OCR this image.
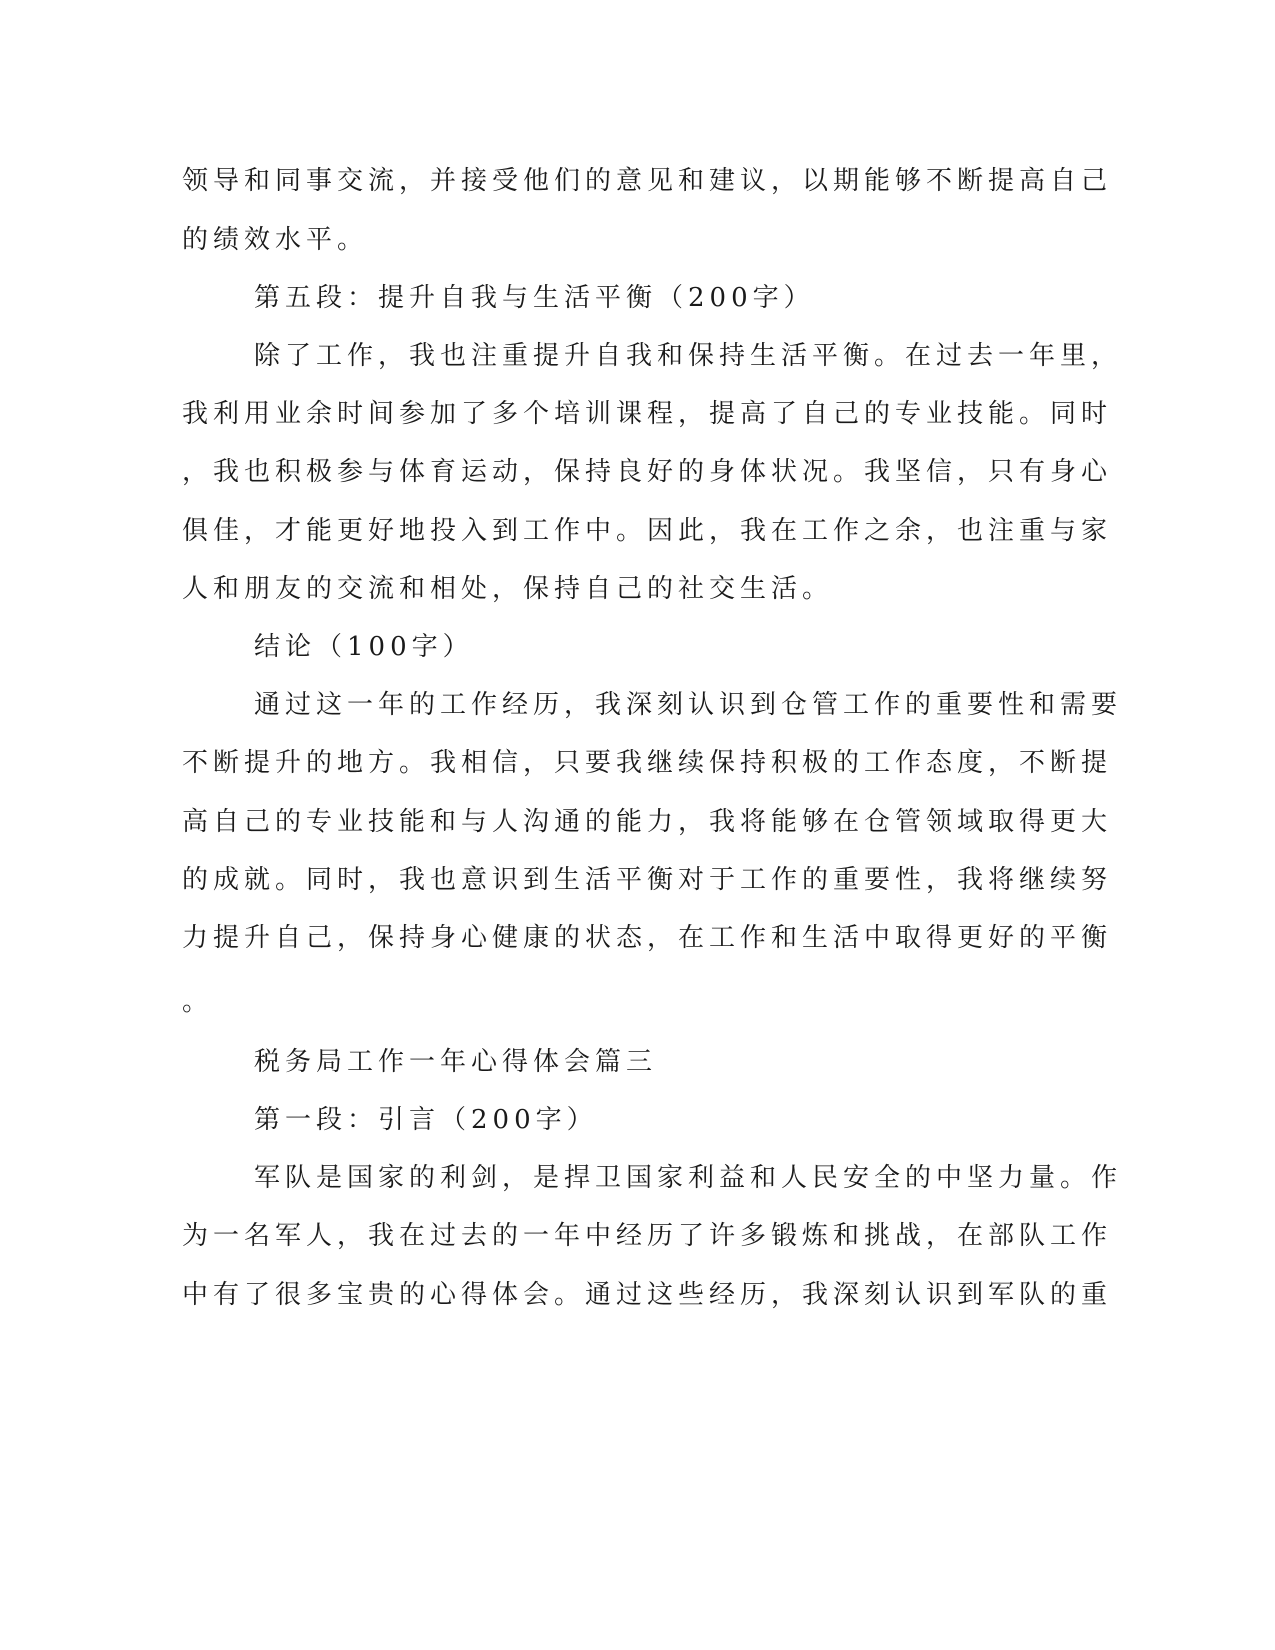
领导和同事交流，并接受他们的意见和建议，以期能够不断提高自己
的绩效水平。
第五段：提升自我与生活平衡（200字）
除了工作，我也注重提升自我和保持生活平衡。在过去一年里，
我利用业余时间参加了多个培训课程，提高了自己的专业技能。同时
，我也积极参与体育运动，保持良好的身体状况。我坚信，只有身心
俱佳，才能更好地投入到工作中。因此，我在工作之余，也注重与家
人和朋友的交流和相处，保持自己的社交生活。
结论（100字）
通过这一年的工作经历，我深刻认识到仓管工作的重要性和需要
不断提升的地方。我相信，只要我继续保持积极的工作态度，不断提
高自己的专业技能和与人沟通的能力，我将能够在仓管领域取得更大
的成就。同时，我也意识到生活平衡对于工作的重要性，我将继续努
力提升自己，保持身心健康的状态，在工作和生活中取得更好的平衡
。
税务局工作一年心得体会篇三
第一段：引言（200字）
军队是国家的利剑，是捍卫国家利益和人民安全的中坚力量。作
为一名军人，我在过去的一年中经历了许多锻炼和挑战，在部队工作
中有了很多宝贵的心得体会。通过这些经历，我深刻认识到军队的重
